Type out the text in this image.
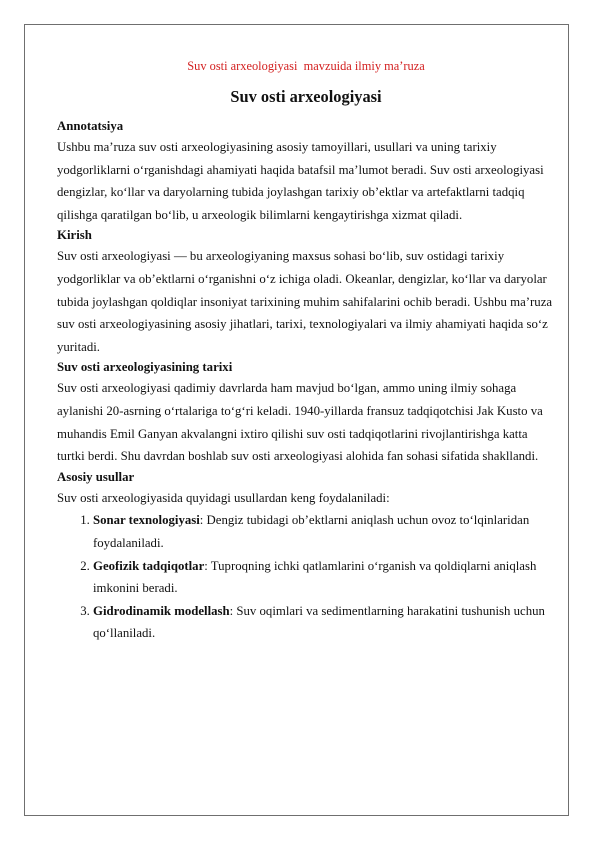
Suv osti arxeologiyasi  mavzuida ilmiy ma’ruza

Suv osti arxeologiyasi

Annotatsiya

Ushbu ma’ruza suv osti arxeologiyasining asosiy tamoyillari, usullari va uning tarixiy yodgorliklarni o‘rganishdagi ahamiyati haqida batafsil ma’lumot beradi. Suv osti arxeologiyasi dengizlar, ko‘llar va daryolarning tubida joylashgan tarixiy ob’ektlar va artefaktlarni tadqiq qilishga qaratilgan bo‘lib, u arxeologik bilimlarni kengaytirishga xizmat qiladi.

Kirish

Suv osti arxeologiyasi — bu arxeologiyaning maxsus sohasi bo‘lib, suv ostidagi tarixiy yodgorliklar va ob’ektlarni o‘rganishni o‘z ichiga oladi. Okeanlar, dengizlar, ko‘llar va daryolar tubida joylashgan qoldiqlar insoniyat tarixining muhim sahifalarini ochib beradi. Ushbu ma’ruza suv osti arxeologiyasining asosiy jihatlari, tarixi, texnologiyalari va ilmiy ahamiyati haqida so‘z yuritadi.

Suv osti arxeologiyasining tarixi

Suv osti arxeologiyasi qadimiy davrlarda ham mavjud bo‘lgan, ammo uning ilmiy sohaga aylanishi 20-asrning o‘rtalariga to‘g‘ri keladi. 1940-yillarda fransuz tadqiqotchisi Jak Kusto va muhandis Emil Ganyan akvalangni ixtiro qilishi suv osti tadqiqotlarini rivojlantirishga katta turtki berdi. Shu davrdan boshlab suv osti arxeologiyasi alohida fan sohasi sifatida shakllandi.

Asosiy usullar

Suv osti arxeologiyasida quyidagi usullardan keng foydalaniladi:

1. Sonar texnologiyasi: Dengiz tubidagi ob’ektlarni aniqlash uchun ovoz to‘lqinlaridan foydalaniladi.
2. Geofizik tadqiqotlar: Tuproqning ichki qatlamlarini o‘rganish va qoldiqlarni aniqlash imkonini beradi.
3. Gidrodinamik modellash: Suv oqimlari va sedimentlarning harakatini tushunish uchun qo‘llaniladi.
